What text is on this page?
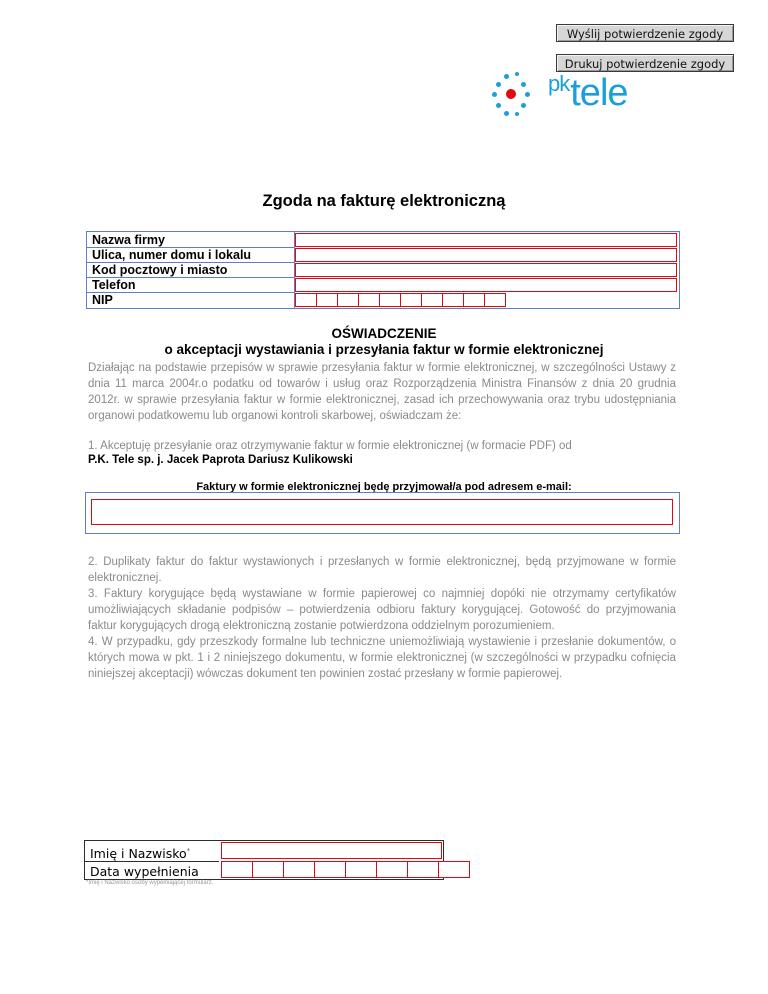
Wyślij potwierdzenie zgody
Drukuj potwierdzenie zgody
$^{pk}$tele
Zgoda na fakturę elektroniczną
Nazwa firmy
Ulica, numer domu i lokalu
Kod pocztowy i miasto
Telefon
NIP

OŚWIADCZENIE

o akceptacji wystawiania i przesyłania faktur w formie elektronicznej

Działając na podstawie przepisów w sprawie przesyłania faktur w formie elektronicznej, w szczególności Ustawy z dnia 11 marca 2004r.o podatku od towarów i usług oraz Rozporządzenia Ministra Finansów z dnia 20 grudnia 2012r. w sprawie przesyłania faktur w formie elektronicznej, zasad ich przechowywania oraz trybu udostępniania organowi podatkowemu lub organowi kontroli skarbowej, oświadczam że:

1. Akceptuję przesyłanie oraz otrzymywanie faktur w formie elektronicznej (w formacie PDF) od

P.K. Tele sp. j. Jacek Paprota Dariusz Kulikowski
Faktury w formie elektronicznej będę przyjmował/a pod adresem e-mail:

2. Duplikaty faktur do faktur wystawionych i przesłanych w formie elektronicznej, będą przyjmowane w formie elektronicznej.

3. Faktury korygujące będą wystawiane w formie papierowej co najmniej dopóki nie otrzymamy certyfikatów umożliwiających składanie podpisów – potwierdzenia odbioru faktury korygującej. Gotowość do przyjmowania faktur korygujących drogą elektroniczną zostanie potwierdzona oddzielnym porozumieniem.

4. W przypadku, gdy przeszkody formalne lub techniczne uniemożliwiają wystawienie i przesłanie dokumentów, o których mowa w pkt. 1 i 2 niniejszego dokumentu, w formie elektronicznej (w szczególności w przypadku cofnięcia niniejszej akceptacji) wówczas dokument ten powinien zostać przesłany w formie papierowej.

Imię i Nazwisko*
Data wypełnienia
*Imię i Nazwisko osoby wypełniającej formularz.
